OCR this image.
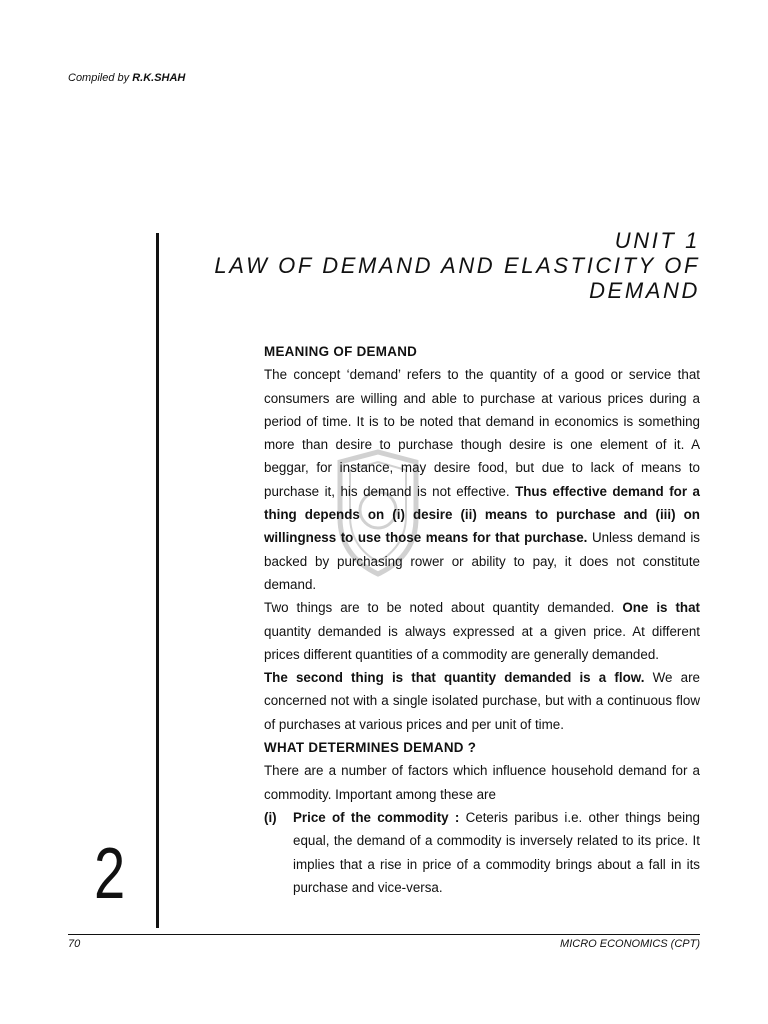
Compiled by R.K.SHAH
UNIT 1
LAW OF DEMAND AND ELASTICITY OF
DEMAND

MEANING OF DEMAND

The concept ‘demand’ refers to the quantity of a good or service that consumers are willing and able to purchase at various prices during a period of time. It is to be noted that demand in economics is something more than desire to purchase though desire is one element of it. A beggar, for instance, may desire food, but due to lack of means to purchase it, his demand is not effective. Thus effective demand for a thing depends on (i) desire (ii) means to purchase and (iii) on willingness to use those means for that purchase. Unless demand is backed by purchasing rower or ability to pay, it does not constitute demand.

Two things are to be noted about quantity demanded. One is that quantity demanded is always expressed at a given price. At different prices different quantities of a commodity are generally demanded.

The second thing is that quantity demanded is a flow. We are concerned not with a single isolated purchase, but with a continuous flow of purchases at various prices and per unit of time.

WHAT DETERMINES DEMAND ?

There are a number of factors which influence household demand for a commodity. Important among these are

(i)	Price of the commodity : Ceteris paribus i.e. other things being equal, the demand of a commodity is inversely related to its price. It implies that a rise in price of a commodity brings about a fall in its purchase and vice-versa.
2
70	MICRO ECONOMICS (CPT)
